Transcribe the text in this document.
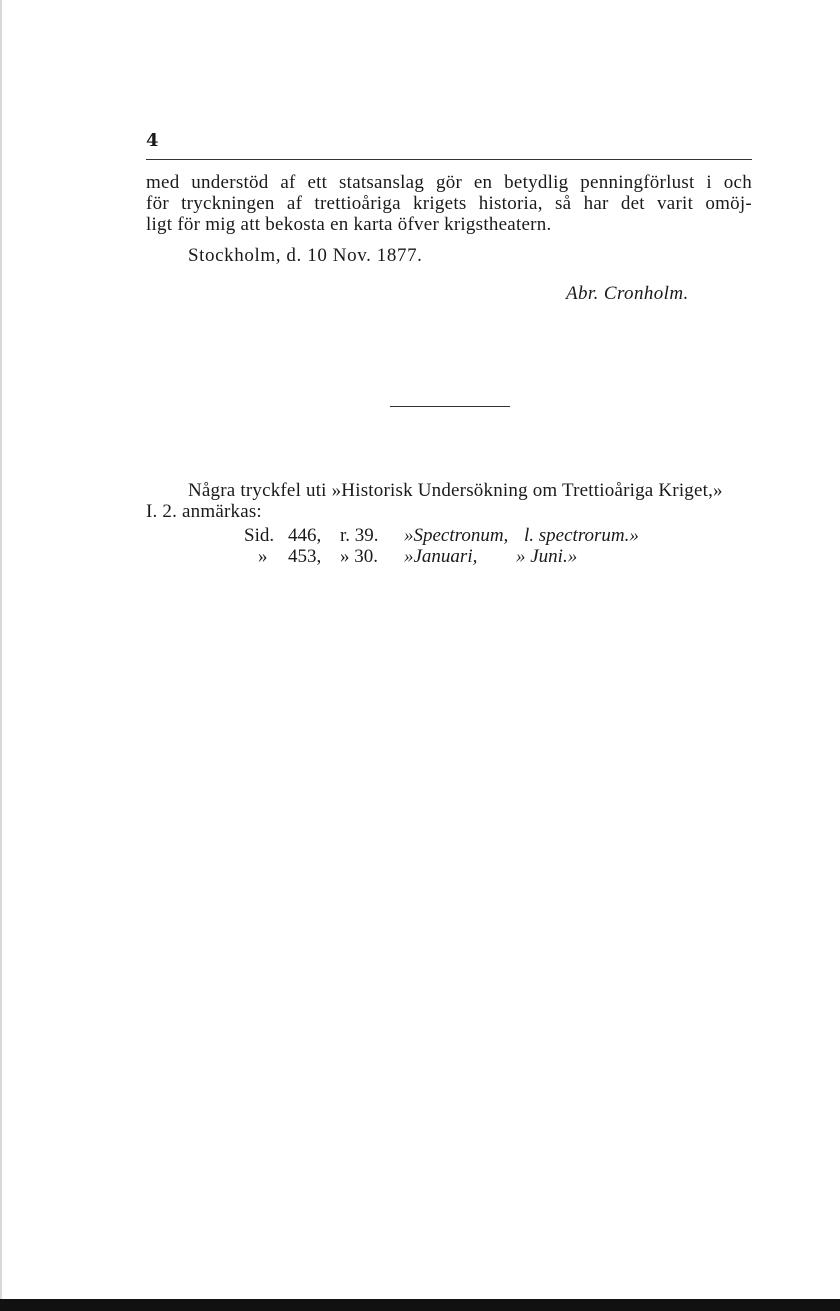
4
med understöd af ett statsanslag gör en betydlig penningförlust i och
för tryckningen af trettioåriga krigets historia, så har det varit omöj-
ligt för mig att bekosta en karta öfver krigstheatern.
Stockholm, d. 10 Nov. 1877.
Abr. Cronholm.
Några tryckfel uti »Historisk Undersökning om Trettioåriga Kriget,»
I. 2. anmärkas:
Sid. 446, r. 39. »Spectronum, l. spectrorum.»
» 453, » 30. »Januari, » Juni.»
